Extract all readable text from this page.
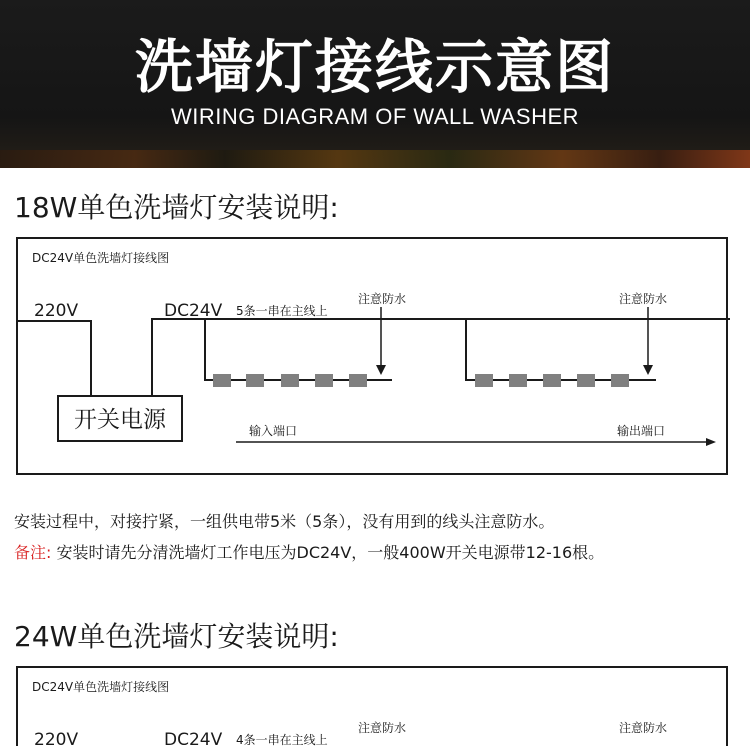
洗墙灯接线示意图
WIRING DIAGRAM OF WALL WASHER
18W单色洗墙灯安装说明:
DC24V单色洗墙灯接线图
220V
开关电源
DC24V 5条一串在主线上
注意防水	注意防水
输入端口	输出端口
安装过程中，对接拧紧，一组供电带5米（5条），没有用到的线头注意防水。
备注: 安装时请先分清洗墙灯工作电压为DC24V，一般400W开关电源带12-16根。
24W单色洗墙灯安装说明:
DC24V单色洗墙灯接线图
220V	DC24V 4条一串在主线上
注意防水	注意防水
